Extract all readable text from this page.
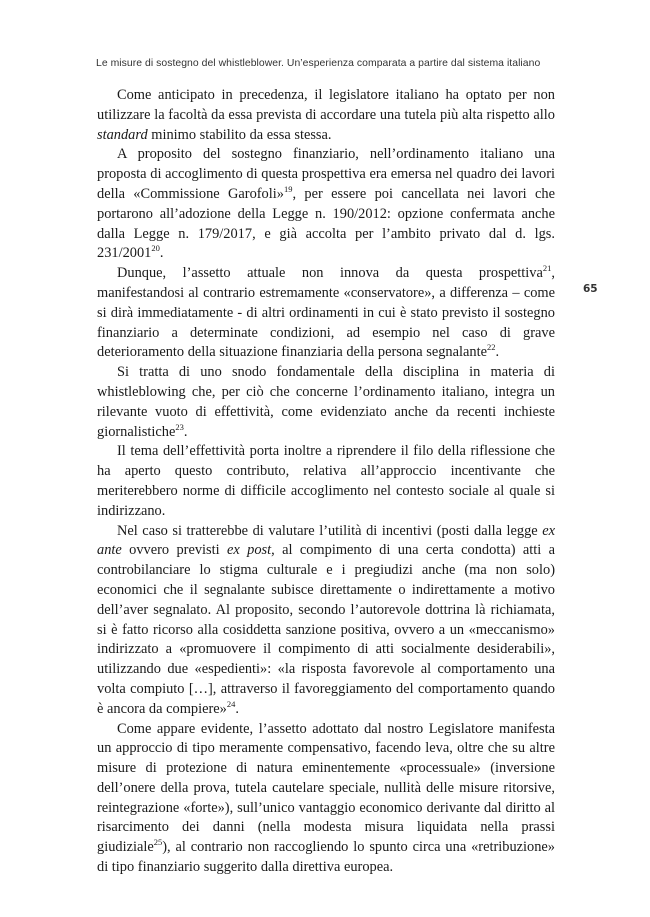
Le misure di sostegno del whistleblower. Un’esperienza comparata a partire dal sistema italiano
65

Come anticipato in precedenza, il legislatore italiano ha optato per non utilizzare la facoltà da essa prevista di accordare una tutela più alta rispetto allo standard minimo stabilito da essa stessa.

A proposito del sostegno finanziario, nell’ordinamento italiano una proposta di accoglimento di questa prospettiva era emersa nel quadro dei lavori della «Commissione Garofoli»$^{19}$, per essere poi cancellata nei lavori che portarono all’adozione della Legge n. 190/2012: opzione confermata anche dalla Legge n. 179/2017, e già accolta per l’ambito privato dal d. lgs. 231/2001$^{20}$.

Dunque, l’assetto attuale non innova da questa prospettiva$^{21}$, manifestandosi al contrario estremamente «conservatore», a differenza – come si dirà immediatamente - di altri ordinamenti in cui è stato previsto il sostegno finanziario a determinate condizioni, ad esempio nel caso di grave deterioramento della situazione finanziaria della persona segnalante$^{22}$.

Si tratta di uno snodo fondamentale della disciplina in materia di whistleblowing che, per ciò che concerne l’ordinamento italiano, integra un rilevante vuoto di effettività, come evidenziato anche da recenti inchieste giornalistiche$^{23}$.

Il tema dell’effettività porta inoltre a riprendere il filo della riflessione che ha aperto questo contributo, relativa all’approccio incentivante che meriterebbero norme di difficile accoglimento nel contesto sociale al quale si indirizzano.

Nel caso si tratterebbe di valutare l’utilità di incentivi (posti dalla legge ex ante ovvero previsti ex post, al compimento di una certa condotta) atti a controbilanciare lo stigma culturale e i pregiudizi anche (ma non solo) economici che il segnalante subisce direttamente o indirettamente a motivo dell’aver segnalato. Al proposito, secondo l’autorevole dottrina là richiamata, si è fatto ricorso alla cosiddetta sanzione positiva, ovvero a un «meccanismo» indirizzato a «promuovere il compimento di atti socialmente desiderabili», utilizzando due «espedienti»: «la risposta favorevole al comportamento una volta compiuto […], attraverso il favoreggiamento del comportamento quando è ancora da compiere»$^{24}$.

Come appare evidente, l’assetto adottato dal nostro Legislatore manifesta un approccio di tipo meramente compensativo, facendo leva, oltre che su altre misure di protezione di natura eminentemente «processuale» (inversione dell’onere della prova, tutela cautelare speciale, nullità delle misure ritorsive, reintegrazione «forte»), sull’unico vantaggio economico derivante dal diritto al risarcimento dei danni (nella modesta misura liquidata nella prassi giudiziale$^{25}$), al contrario non raccogliendo lo spunto circa una «retribuzione» di tipo finanziario suggerito dalla direttiva europea.
